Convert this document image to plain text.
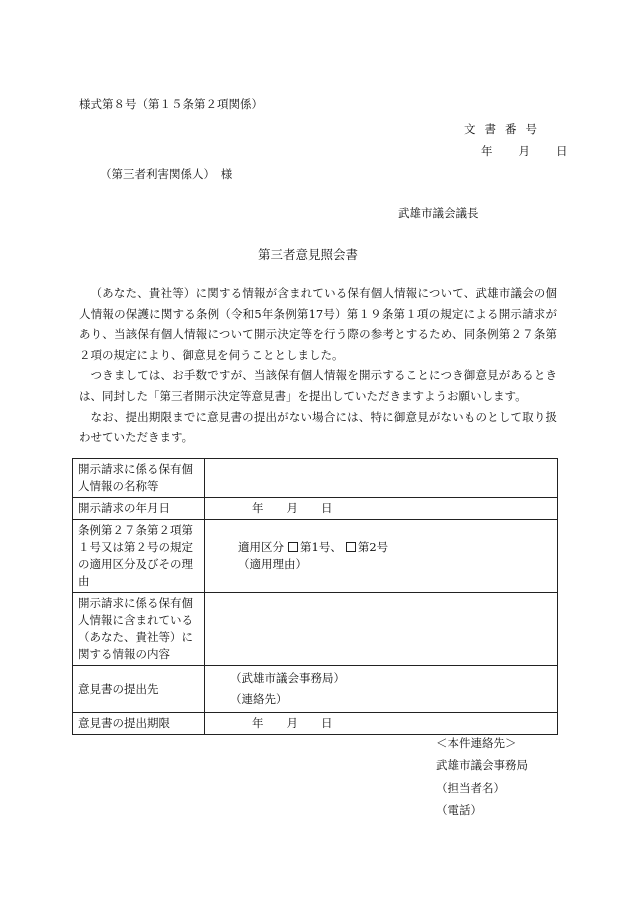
様式第８号（第１５条第２項関係）
文書番号
年 月 日
（第三者利害関係人）　様
武雄市議会議長
第三者意見照会書

（あなた、貴社等）に関する情報が含まれている保有個人情報について、武雄市議会の個人情報の保護に関する条例（令和5年条例第17号）第１９条第１項の規定による開示請求があり、当該保有個人情報について開示決定等を行う際の参考とするため、同条例第２７条第２項の規定により、御意見を伺うこととしました。

つきましては、お手数ですが、当該保有個人情報を開示することにつき御意見があるときは、同封した「第三者開示決定等意見書」を提出していただきますようお願いします。

なお、提出期限までに意見書の提出がない場合には、特に御意見がないものとして取り扱わせていただきます。

開示請求に係る保有個人情報の名称等	
開示請求の年月日	年　　月　　日
条例第２７条第２項第１号又は第２号の規定の適用区分及びその理由	適用区分 第1号、 第2号
（適用理由）

開示請求に係る保有個人情報に含まれている（あなた、貴社等）に関する情報の内容	
意見書の提出先	（武雄市議会事務局）
（連絡先）

意見書の提出期限	年　　月　　日
＜本件連絡先＞
武雄市議会事務局
（担当者名）
（電話）
